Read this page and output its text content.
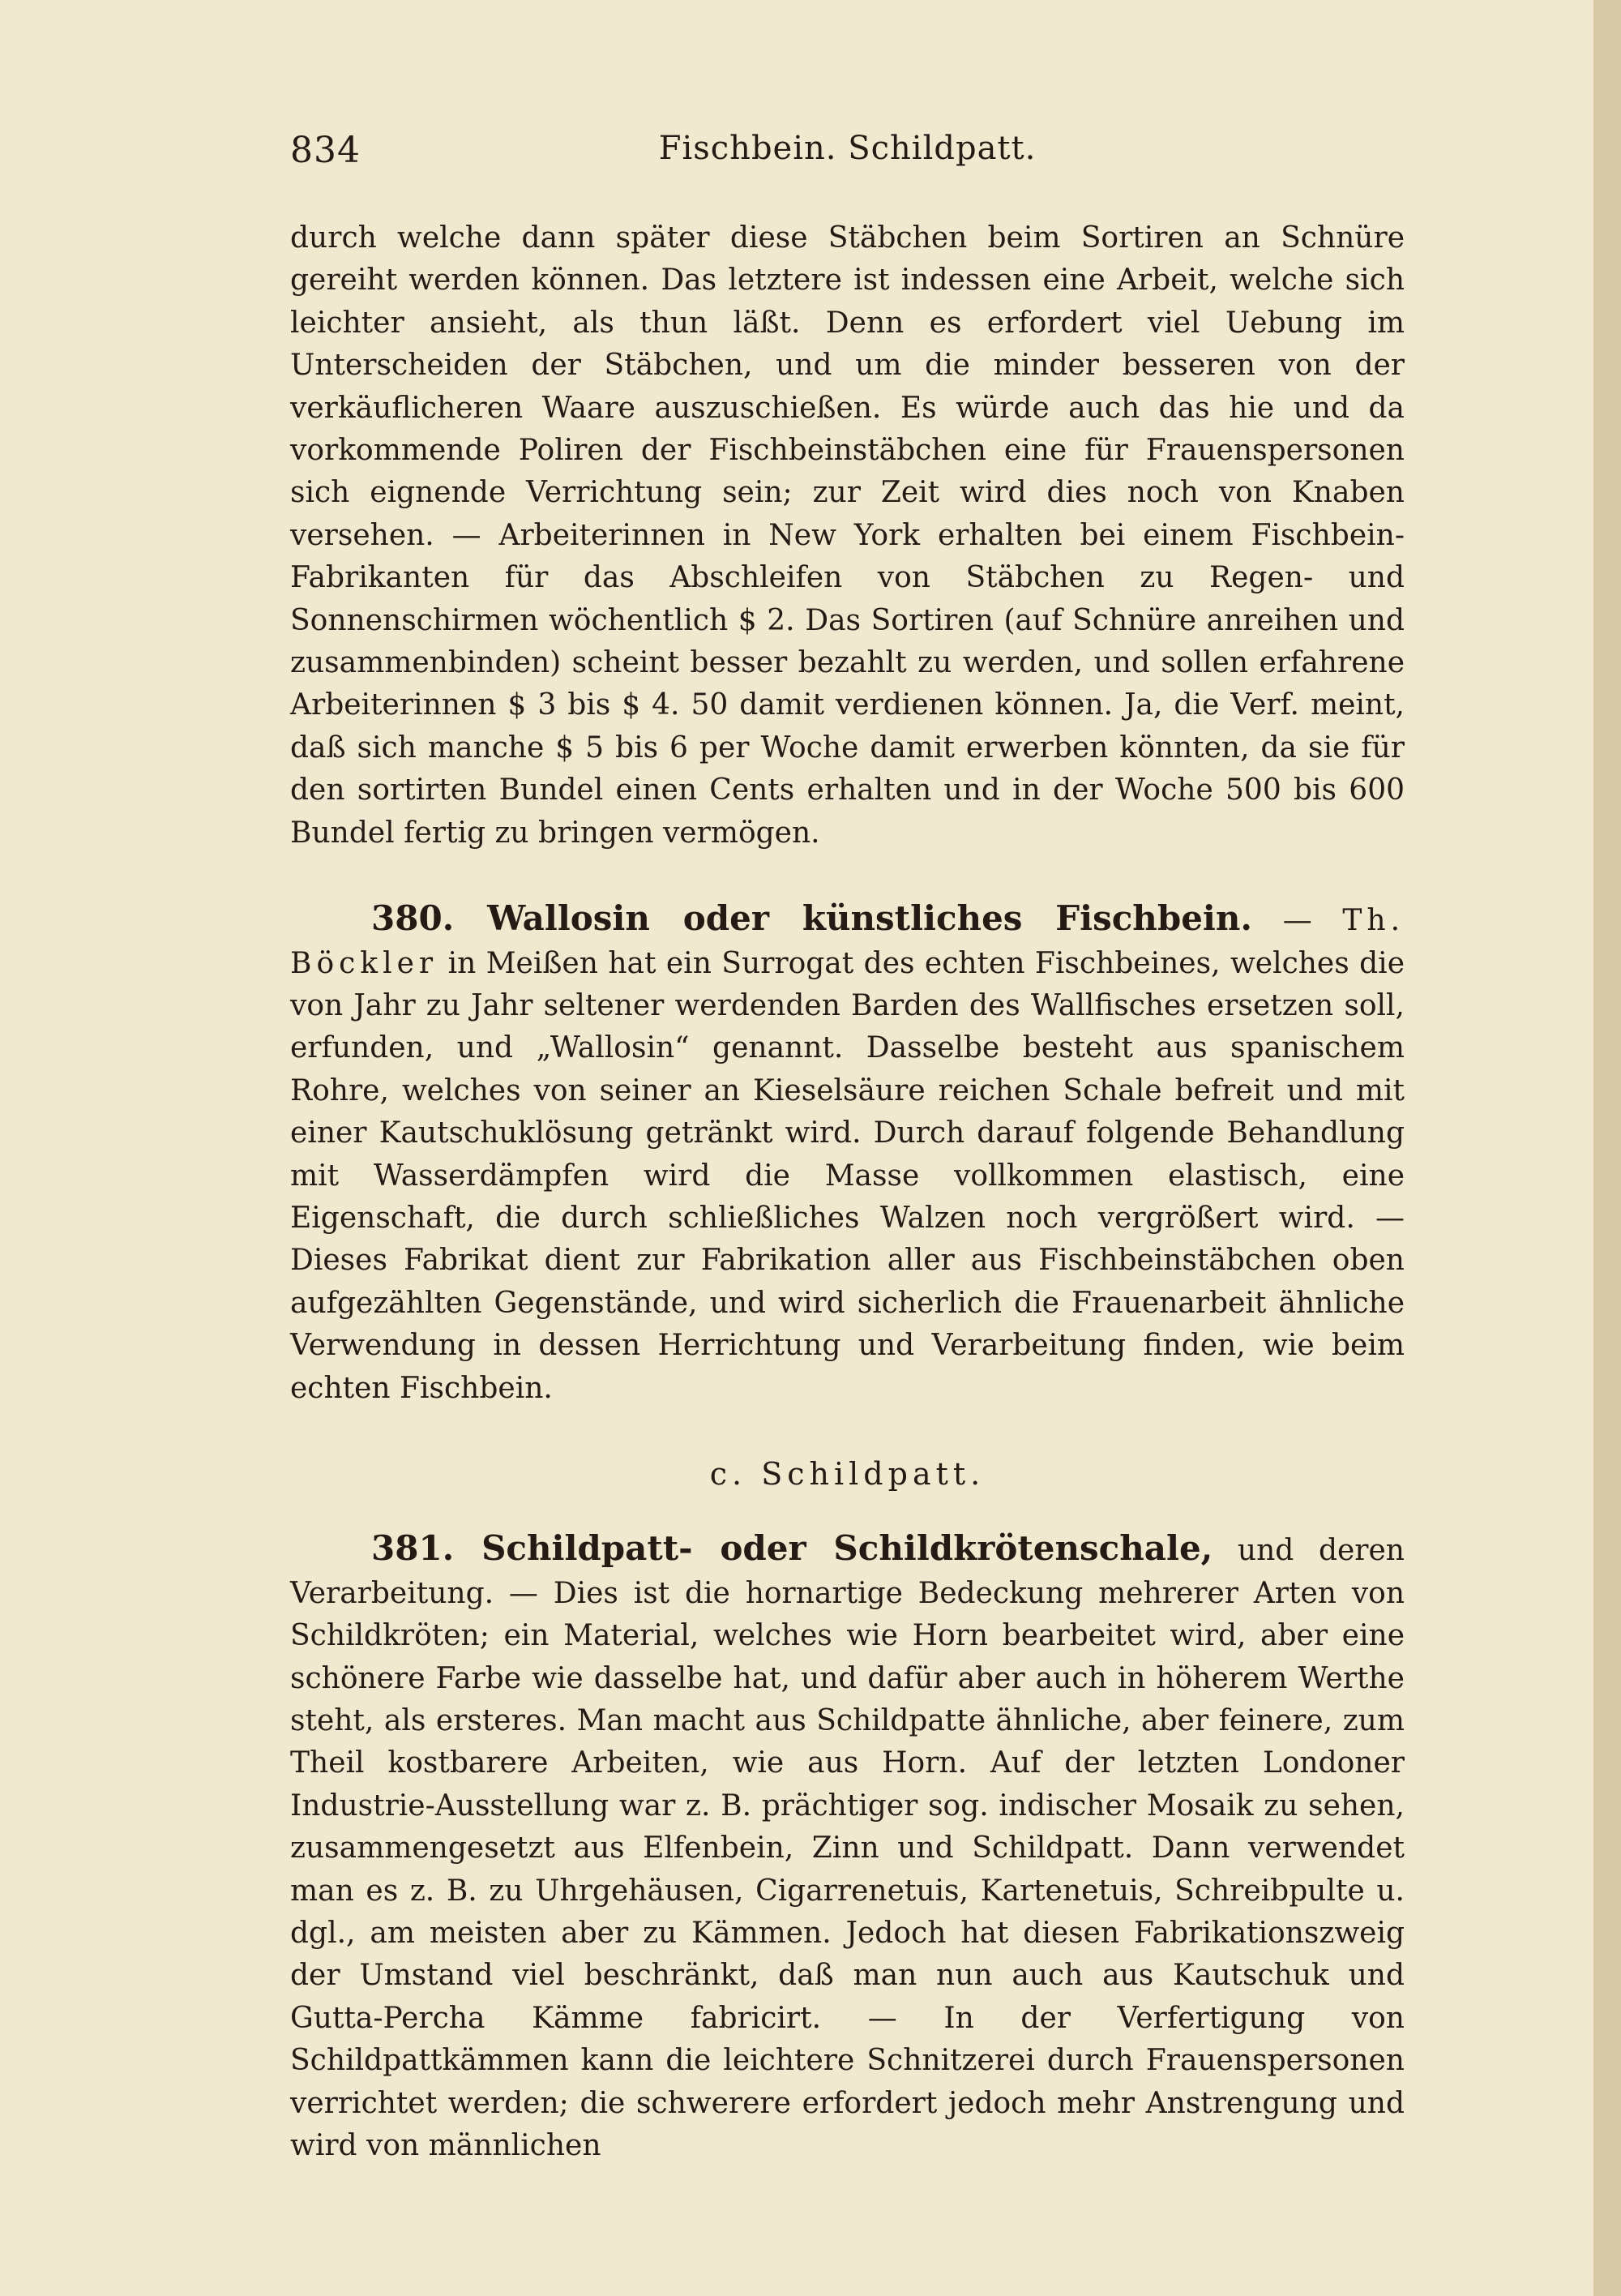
834	Fischbein. Schildpatt.

durch welche dann später diese Stäbchen beim Sortiren an Schnüre gereiht werden können. Das letztere ist indessen eine Arbeit, welche sich leichter ansieht, als thun läßt. Denn es erfordert viel Uebung im Unterscheiden der Stäbchen, und um die minder besseren von der verkäuflicheren Waare auszuschießen. Es würde auch das hie und da vorkommende Poliren der Fischbeinstäbchen eine für Frauenspersonen sich eignende Verrichtung sein; zur Zeit wird dies noch von Knaben versehen. — Arbeiterinnen in New York erhalten bei einem Fischbein-Fabrikanten für das Abschleifen von Stäbchen zu Regen- und Sonnenschirmen wöchentlich $ 2. Das Sortiren (auf Schnüre anreihen und zusammenbinden) scheint besser bezahlt zu werden, und sollen erfahrene Arbeiterinnen $ 3 bis $ 4. 50 damit verdienen können. Ja, die Verf. meint, daß sich manche $ 5 bis 6 per Woche damit erwerben könnten, da sie für den sortirten Bundel einen Cents erhalten und in der Woche 500 bis 600 Bundel fertig zu bringen vermögen.

380. Wallosin oder künstliches Fischbein. — Th. Böckler in Meißen hat ein Surrogat des echten Fischbeines, welches die von Jahr zu Jahr seltener werdenden Barden des Wallfisches ersetzen soll, erfunden, und „Wallosin“ genannt. Dasselbe besteht aus spanischem Rohre, welches von seiner an Kieselsäure reichen Schale befreit und mit einer Kautschuklösung getränkt wird. Durch darauf folgende Behandlung mit Wasserdämpfen wird die Masse vollkommen elastisch, eine Eigenschaft, die durch schließliches Walzen noch vergrößert wird. — Dieses Fabrikat dient zur Fabrikation aller aus Fischbeinstäbchen oben aufgezählten Gegenstände, und wird sicherlich die Frauenarbeit ähnliche Verwendung in dessen Herrichtung und Verarbeitung finden, wie beim echten Fischbein.

c. Schildpatt.

381. Schildpatt- oder Schildkrötenschale, und deren Verarbeitung. — Dies ist die hornartige Bedeckung mehrerer Arten von Schildkröten; ein Material, welches wie Horn bearbeitet wird, aber eine schönere Farbe wie dasselbe hat, und dafür aber auch in höherem Werthe steht, als ersteres. Man macht aus Schildpatte ähnliche, aber feinere, zum Theil kostbarere Arbeiten, wie aus Horn. Auf der letzten Londoner Industrie-Ausstellung war z. B. prächtiger sog. indischer Mosaik zu sehen, zusammengesetzt aus Elfenbein, Zinn und Schildpatt. Dann verwendet man es z. B. zu Uhrgehäusen, Cigarrenetuis, Kartenetuis, Schreibpulte u. dgl., am meisten aber zu Kämmen. Jedoch hat diesen Fabrikationszweig der Umstand viel beschränkt, daß man nun auch aus Kautschuk und Gutta-Percha Kämme fabricirt. — In der Verfertigung von Schildpattkämmen kann die leichtere Schnitzerei durch Frauenspersonen verrichtet werden; die schwerere erfordert jedoch mehr Anstrengung und wird von männlichen
